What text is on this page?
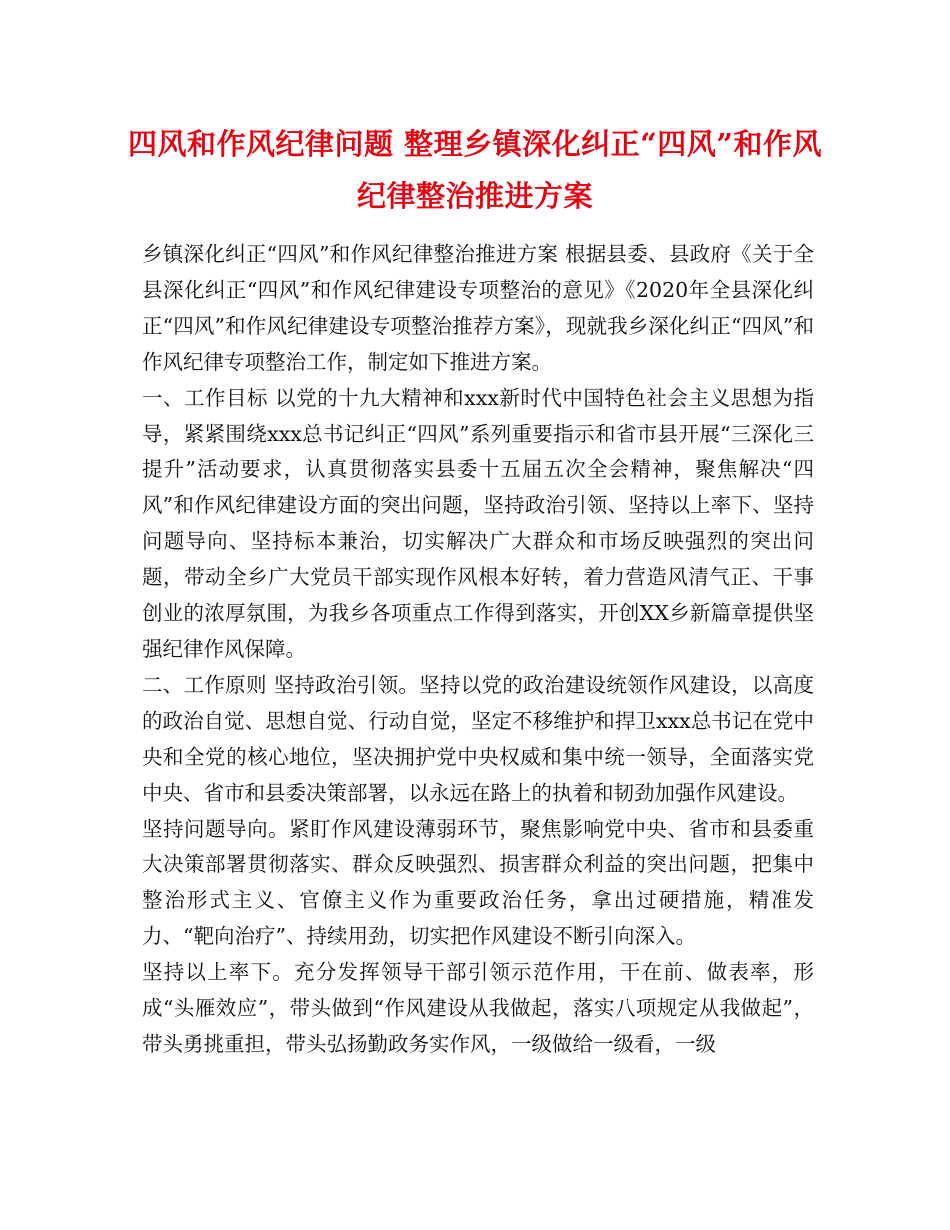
四风和作风纪律问题 整理乡镇深化纠正“四风”和作风纪律整治推进方案

乡镇深化纠正“四风”和作风纪律整治推进方案 根据县委、县政府《关于全县深化纠正“四风”和作风纪律建设专项整治的意见》《2020年全县深化纠正“四风”和作风纪律建设专项整治推荐方案》，现就我乡深化纠正“四风”和作风纪律专项整治工作，制定如下推进方案。

一、工作目标 以党的十九大精神和xxx新时代中国特色社会主义思想为指导，紧紧围绕xxx总书记纠正“四风”系列重要指示和省市县开展“三深化三提升”活动要求，认真贯彻落实县委十五届五次全会精神，聚焦解决“四风”和作风纪律建设方面的突出问题，坚持政治引领、坚持以上率下、坚持问题导向、坚持标本兼治，切实解决广大群众和市场反映强烈的突出问题，带动全乡广大党员干部实现作风根本好转，着力营造风清气正、干事创业的浓厚氛围，为我乡各项重点工作得到落实，开创XX乡新篇章提供坚强纪律作风保障。

二、工作原则 坚持政治引领。坚持以党的政治建设统领作风建设，以高度的政治自觉、思想自觉、行动自觉，坚定不移维护和捍卫xxx总书记在党中央和全党的核心地位，坚决拥护党中央权威和集中统一领导，全面落实党中央、省市和县委决策部署，以永远在路上的执着和韧劲加强作风建设。

坚持问题导向。紧盯作风建设薄弱环节，聚焦影响党中央、省市和县委重大决策部署贯彻落实、群众反映强烈、损害群众利益的突出问题，把集中整治形式主义、官僚主义作为重要政治任务，拿出过硬措施，精准发力、“靶向治疗”、持续用劲，切实把作风建设不断引向深入。

坚持以上率下。充分发挥领导干部引领示范作用，干在前、做表率，形成“头雁效应”，带头做到“作风建设从我做起，落实八项规定从我做起”，带头勇挑重担，带头弘扬勤政务实作风，一级做给一级看，一级
